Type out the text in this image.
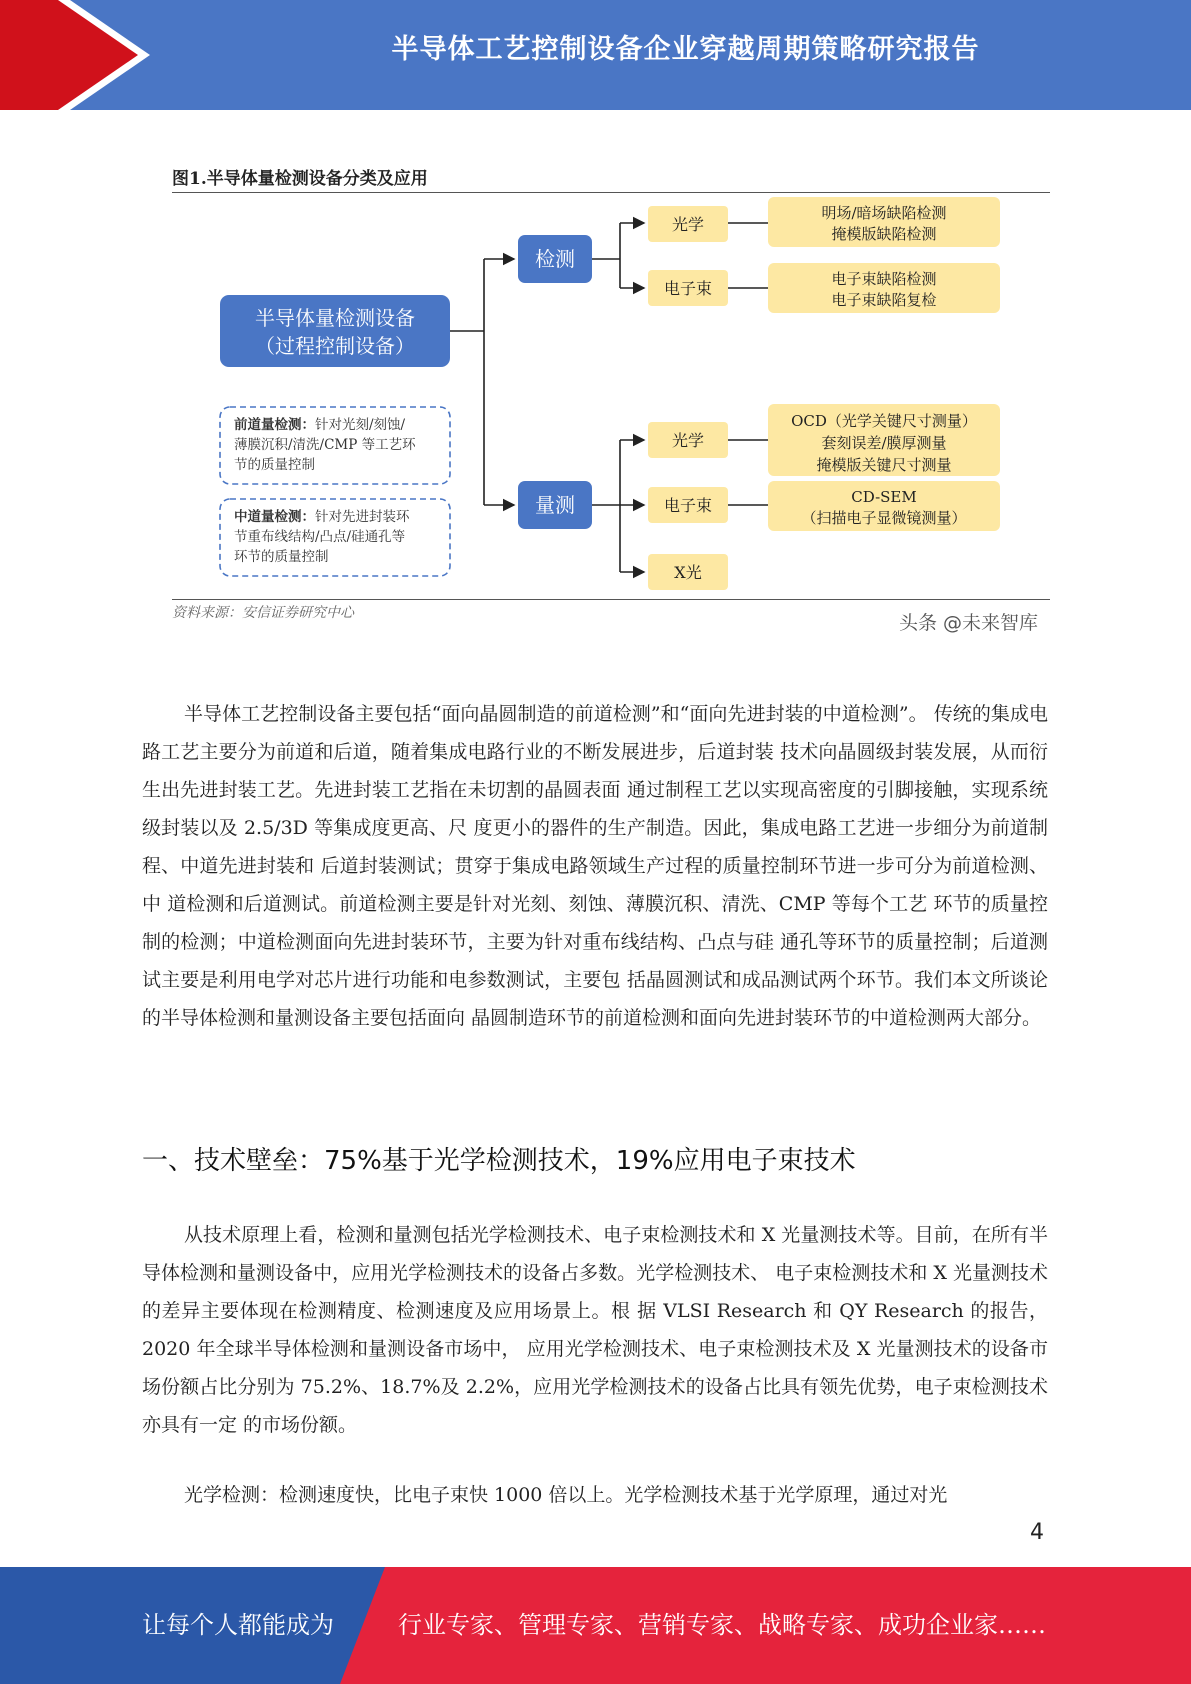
半导体工艺控制设备企业穿越周期策略研究报告
图1.半导体量检测设备分类及应用
半导体量检测设备
（过程控制设备）
前道量检测：针对光刻/刻蚀/
薄膜沉积/清洗/CMP 等工艺环
节的质量控制
中道量检测：针对先进封装环
节重布线结构/凸点/硅通孔等
环节的质量控制
检测
量测
光学
电子束
光学
电子束
X光
明场/暗场缺陷检测
掩模版缺陷检测
电子束缺陷检测
电子束缺陷复检
OCD（光学关键尺寸测量）
套刻误差/膜厚测量
掩模版关键尺寸测量
CD-SEM
（扫描电子显微镜测量）
资料来源：安信证券研究中心	头条 @未来智库

半导体工艺控制设备主要包括“面向晶圆制造的前道检测”和“面向先进封装的中道检测”。 传统的集成电路工艺主要分为前道和后道，随着集成电路行业的不断发展进步，后道封装 技术向晶圆级封装发展，从而衍生出先进封装工艺。先进封装工艺指在未切割的晶圆表面 通过制程工艺以实现高密度的引脚接触，实现系统级封装以及 2.5/3D 等集成度更高、尺 度更小的器件的生产制造。因此，集成电路工艺进一步细分为前道制程、中道先进封装和 后道封装测试；贯穿于集成电路领域生产过程的质量控制环节进一步可分为前道检测、中 道检测和后道测试。前道检测主要是针对光刻、刻蚀、薄膜沉积、清洗、CMP 等每个工艺 环节的质量控制的检测；中道检测面向先进封装环节，主要为针对重布线结构、凸点与硅 通孔等环节的质量控制；后道测试主要是利用电学对芯片进行功能和电参数测试，主要包 括晶圆测试和成品测试两个环节。我们本文所谈论的半导体检测和量测设备主要包括面向 晶圆制造环节的前道检测和面向先进封装环节的中道检测两大部分。

一、技术壁垒：75%基于光学检测技术，19%应用电子束技术

从技术原理上看，检测和量测包括光学检测技术、电子束检测技术和 X 光量测技术等。目前，在所有半导体检测和量测设备中，应用光学检测技术的设备占多数。光学检测技术、 电子束检测技术和 X 光量测技术的差异主要体现在检测精度、检测速度及应用场景上。根 据 VLSI Research 和 QY Research 的报告，2020 年全球半导体检测和量测设备市场中， 应用光学检测技术、电子束检测技术及 X 光量测技术的设备市场份额占比分别为 75.2%、18.7%及 2.2%，应用光学检测技术的设备占比具有领先优势，电子束检测技术亦具有一定 的市场份额。

光学检测：检测速度快，比电子束快 1000 倍以上。光学检测技术基于光学原理，通过对光

4
让每个人都能成为	行业专家、管理专家、营销专家、战略专家、成功企业家……
